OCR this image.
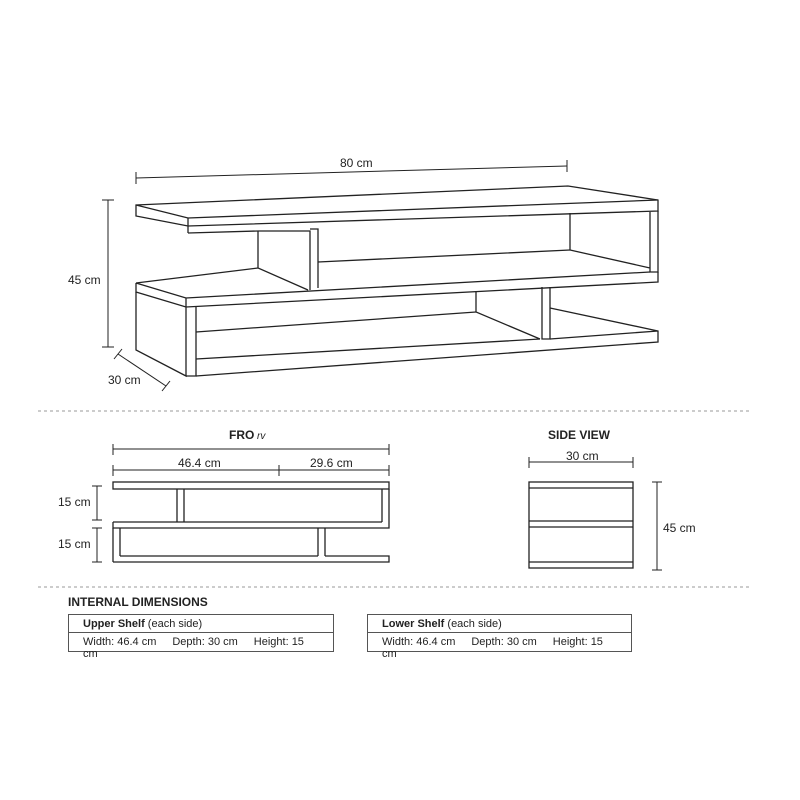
80 cm
45 cm
30 cm
FRO rv
46.4 cm	29.6 cm
15 cm
15 cm
SIDE VIEW
30 cm
45 cm
INTERNAL DIMENSIONS
Upper Shelf (each side)
Width: 46.4 cm Depth: 30 cm Height: 15 cm
Lower Shelf (each side)
Width: 46.4 cm Depth: 30 cm Height: 15 cm
